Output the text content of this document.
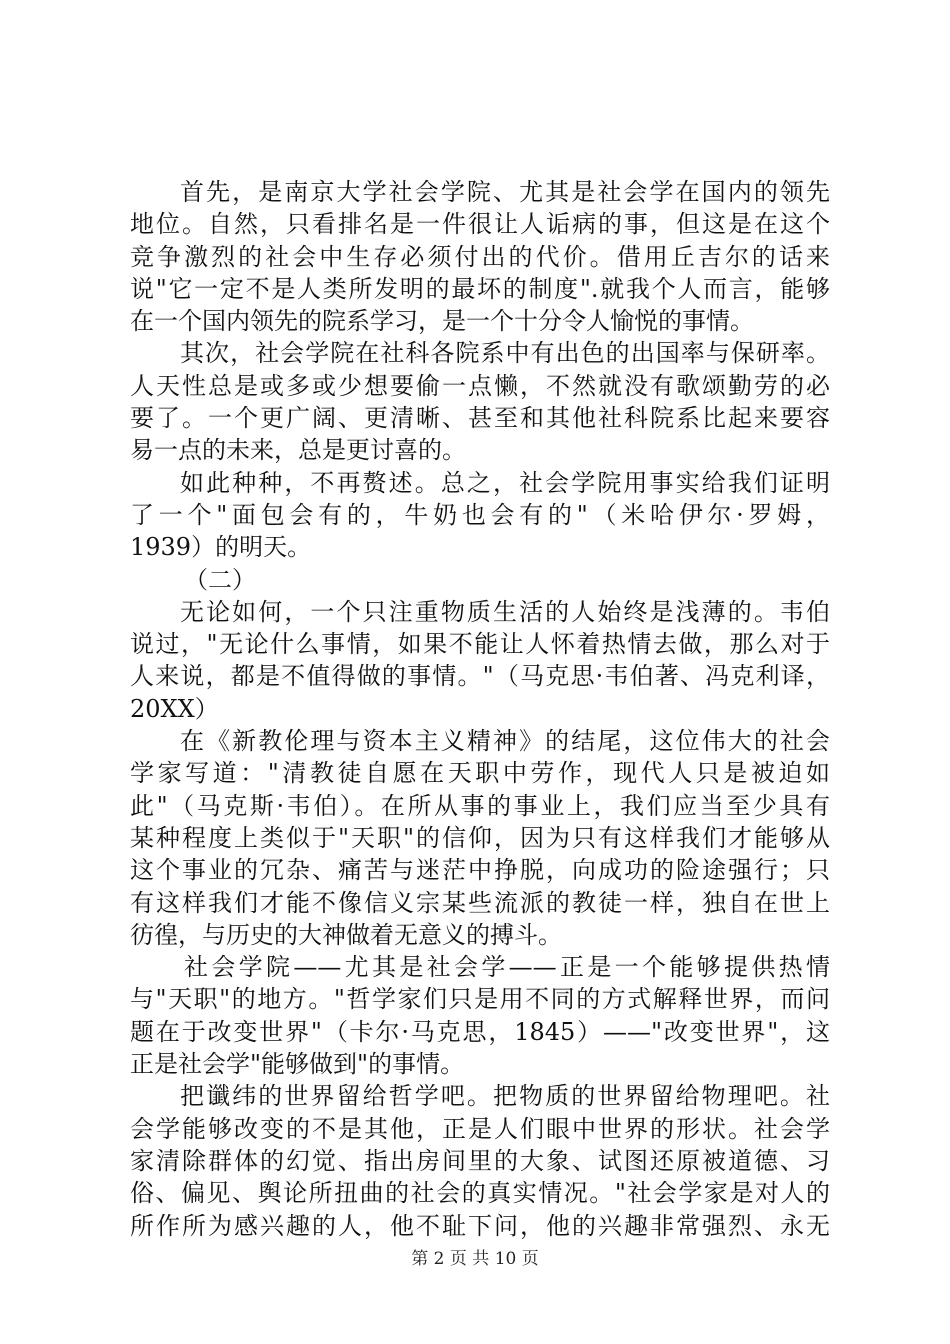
首先，是南京大学社会学院、尤其是社会学在国内的领先
地位。自然，只看排名是一件很让人诟病的事，但这是在这个
竞争激烈的社会中生存必须付出的代价。借用丘吉尔的话来
说"它一定不是人类所发明的最坏的制度".就我个人而言，能够
在一个国内领先的院系学习，是一个十分令人愉悦的事情。
其次，社会学院在社科各院系中有出色的出国率与保研率。
人天性总是或多或少想要偷一点懒，不然就没有歌颂勤劳的必
要了。一个更广阔、更清晰、甚至和其他社科院系比起来要容
易一点的未来，总是更讨喜的。
如此种种，不再赘述。总之，社会学院用事实给我们证明
了一个"面包会有的，牛奶也会有的"（米哈伊尔·罗姆，
1939）的明天。
（二）
无论如何，一个只注重物质生活的人始终是浅薄的。韦伯
说过，"无论什么事情，如果不能让人怀着热情去做，那么对于
人来说，都是不值得做的事情。"（马克思·韦伯著、冯克利译，
20XX）
在《新教伦理与资本主义精神》的结尾，这位伟大的社会
学家写道："清教徒自愿在天职中劳作，现代人只是被迫如
此"（马克斯·韦伯）。在所从事的事业上，我们应当至少具有
某种程度上类似于"天职"的信仰，因为只有这样我们才能够从
这个事业的冗杂、痛苦与迷茫中挣脱，向成功的险途强行；只
有这样我们才能不像信义宗某些流派的教徒一样，独自在世上
彷徨，与历史的大神做着无意义的搏斗。
社会学院——尤其是社会学——正是一个能够提供热情
与"天职"的地方。"哲学家们只是用不同的方式解释世界，而问
题在于改变世界"（卡尔·马克思，1845）——"改变世界"，这
正是社会学"能够做到"的事情。
把谶纬的世界留给哲学吧。把物质的世界留给物理吧。社
会学能够改变的不是其他，正是人们眼中世界的形状。社会学
家清除群体的幻觉、指出房间里的大象、试图还原被道德、习
俗、偏见、舆论所扭曲的社会的真实情况。"社会学家是对人的
所作所为感兴趣的人，他不耻下问，他的兴趣非常强烈、永无
第 2 页 共 10 页
